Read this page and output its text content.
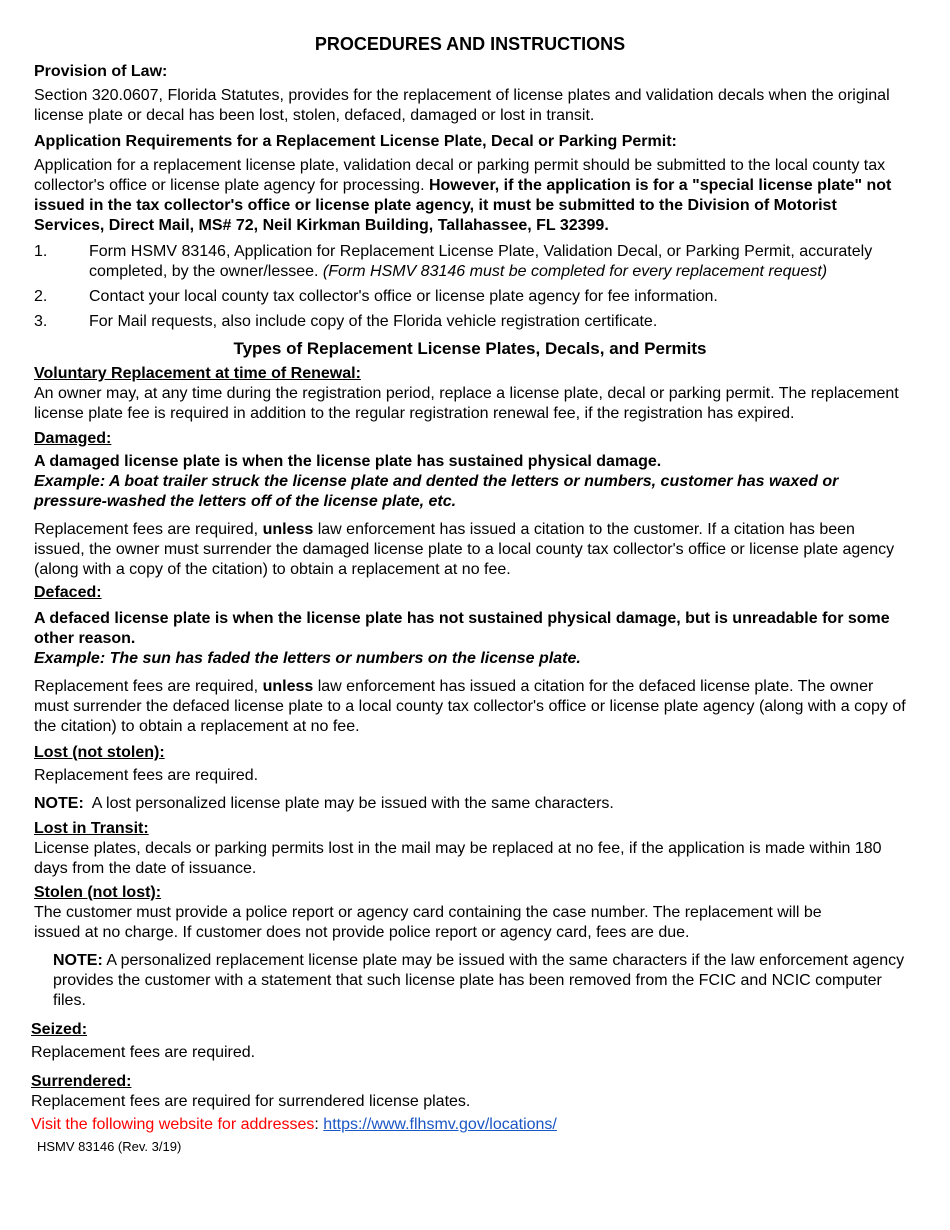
PROCEDURES AND INSTRUCTIONS
Provision of Law:

Section 320.0607, Florida Statutes, provides for the replacement of license plates and validation decals when the original license plate or decal has been lost, stolen, defaced, damaged or lost in transit.

Application Requirements for a Replacement License Plate, Decal or Parking Permit:

Application for a replacement license plate, validation decal or parking permit should be submitted to the local county tax collector's office or license plate agency for processing. However, if the application is for a "special license plate" not issued in the tax collector's office or license plate agency, it must be submitted to the Division of Motorist Services, Direct Mail, MS# 72, Neil Kirkman Building, Tallahassee, FL 32399.

1.	Form HSMV 83146, Application for Replacement License Plate, Validation Decal, or Parking Permit, accurately completed, by the owner/lessee. (Form HSMV 83146 must be completed for every replacement request)
2.	Contact your local county tax collector's office or license plate agency for fee information.
3.	For Mail requests, also include copy of the Florida vehicle registration certificate.
Types of Replacement License Plates, Decals, and Permits
Voluntary Replacement at time of Renewal:

An owner may, at any time during the registration period, replace a license plate, decal or parking permit. The replacement license plate fee is required in addition to the regular registration renewal fee, if the registration has expired.

Damaged:

A damaged license plate is when the license plate has sustained physical damage.

Example: A boat trailer struck the license plate and dented the letters or numbers, customer has waxed or pressure-washed the letters off of the license plate, etc.

Replacement fees are required, unless law enforcement has issued a citation to the customer. If a citation has been issued, the owner must surrender the damaged license plate to a local county tax collector's office or license plate agency (along with a copy of the citation) to obtain a replacement at no fee.

Defaced:

A defaced license plate is when the license plate has not sustained physical damage, but is unreadable for some other reason.

Example: The sun has faded the letters or numbers on the license plate.

Replacement fees are required, unless law enforcement has issued a citation for the defaced license plate. The owner must surrender the defaced license plate to a local county tax collector's office or license plate agency (along with a copy of the citation) to obtain a replacement at no fee.

Lost (not stolen):

Replacement fees are required.

NOTE:  A lost personalized license plate may be issued with the same characters.

Lost in Transit:

License plates, decals or parking permits lost in the mail may be replaced at no fee, if the application is made within 180 days from the date of issuance.

Stolen (not lost):

The customer must provide a police report or agency card containing the case number. The replacement will be issued at no charge. If customer does not provide police report or agency card, fees are due.

NOTE: A personalized replacement license plate may be issued with the same characters if the law enforcement agency provides the customer with a statement that such license plate has been removed from the FCIC and NCIC computer files.

Seized:

Replacement fees are required.

Surrendered:

Replacement fees are required for surrendered license plates.

Visit the following website for addresses: https://www.flhsmv.gov/locations/

HSMV 83146 (Rev. 3/19)
